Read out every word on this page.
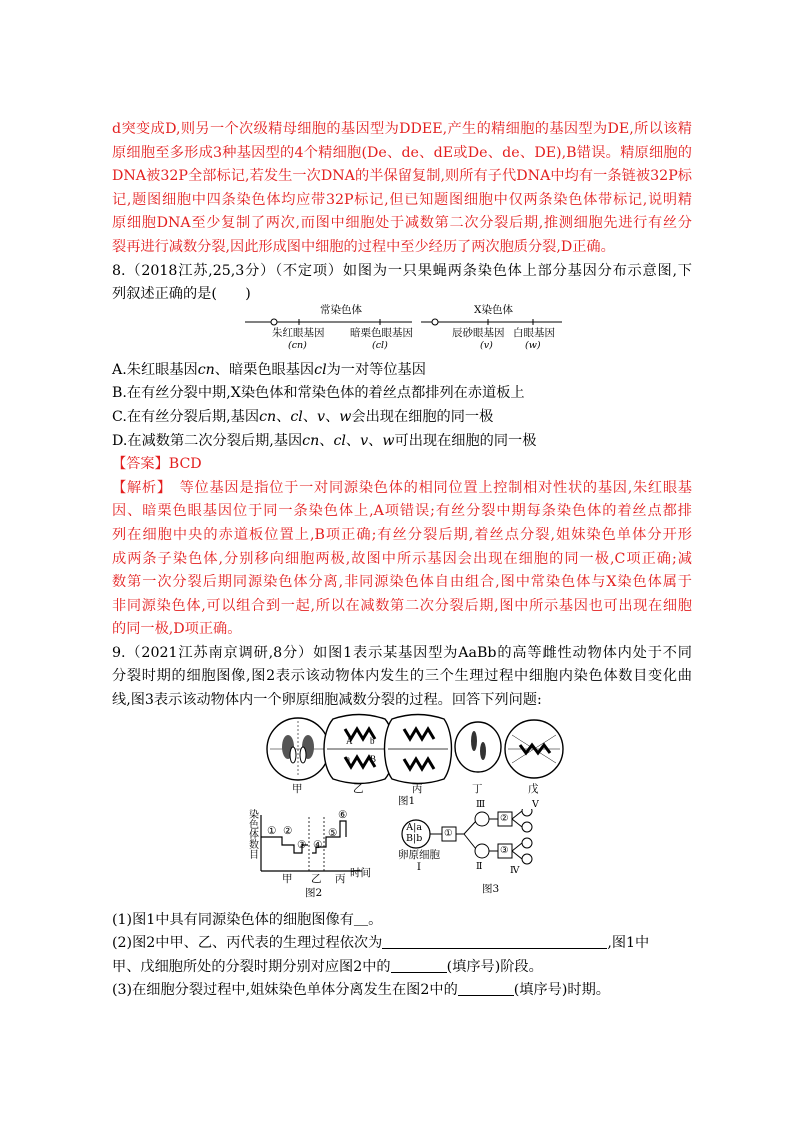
d突变成D,则另一个次级精母细胞的基因型为DDEE,产生的精细胞的基因型为DE,所以该精
原细胞至多形成3种基因型的4个精细胞(De、de、dE或De、de、DE),B错误。精原细胞的
DNA被32P全部标记,若发生一次DNA的半保留复制,则所有子代DNA中均有一条链被32P标
记,题图细胞中四条染色体均应带32P标记,但已知题图细胞中仅两条染色体带标记,说明精
原细胞DNA至少复制了两次,而图中细胞处于减数第二次分裂后期,推测细胞先进行有丝分
裂再进行减数分裂,因此形成图中细胞的过程中至少经历了两次胞质分裂,D正确。
8.（2018江苏,25,3分）（不定项）如图为一只果蝇两条染色体上部分基因分布示意图,下
列叙述正确的是(　　)
常染色体	X染色体
朱红眼基因
(cn)
暗栗色眼基因
(cl)
辰砂眼基因
(v)
白眼基因
(w)
A.朱红眼基因cn、暗栗色眼基因cl为一对等位基因
B.在有丝分裂中期,X染色体和常染色体的着丝点都排列在赤道板上
C.在有丝分裂后期,基因cn、cl、v、w会出现在细胞的同一极
D.在减数第二次分裂后期,基因cn、cl、v、w可出现在细胞的同一极
【答案】BCD
【解析】　等位基因是指位于一对同源染色体的相同位置上控制相对性状的基因,朱红眼基
因、暗栗色眼基因位于同一条染色体上,A项错误;有丝分裂中期每条染色体的着丝点都排
列在细胞中央的赤道板位置上,B项正确;有丝分裂后期,着丝点分裂,姐妹染色单体分开形
成两条子染色体,分别移向细胞两极,故图中所示基因会出现在细胞的同一极,C项正确;减
数第一次分裂后期同源染色体分离,非同源染色体自由组合,图中常染色体与X染色体属于
非同源染色体,可以组合到一起,所以在减数第二次分裂后期,图中所示基因也可出现在细胞
的同一极,D项正确。
9.（2021江苏南京调研,8分）如图1表示某基因型为AaBb的高等雌性动物体内处于不同
分裂时期的细胞图像,图2表示该动物体内发生的三个生理过程中细胞内染色体数目变化曲
线,图3表示该动物体内一个卵原细胞减数分裂的过程。回答下列问题:
A b
a B
甲	乙	丙	丁	戊
图1
染
色
体
数
目
① ②
③ ④
⑤
⑥
甲 乙 丙 时间
图2
A|a
B|b
卵原细胞
Ⅰ
①
②
③
Ⅱ
Ⅲ
Ⅳ
Ⅴ
图3
(1)图1中具有同源染色体的细胞图像有＿。
(2)图2中甲、乙、丙代表的生理过程依次为	,图1中
甲、戊细胞所处的分裂时期分别对应图2中的	(填序号)阶段。
(3)在细胞分裂过程中,姐妹染色单体分离发生在图2中的	(填序号)时期。
